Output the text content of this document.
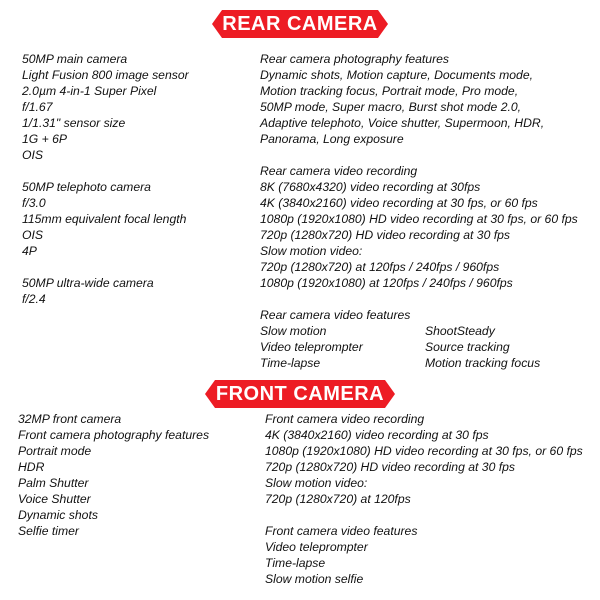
REAR CAMERA
50MP main camera
Light Fusion 800 image sensor
2.0µm 4-in-1 Super Pixel
f/1.67
1/1.31" sensor size
1G + 6P
OIS
50MP telephoto camera
f/3.0
115mm equivalent focal length
OIS
4P
50MP ultra-wide camera
f/2.4
Rear camera photography features
Dynamic shots, Motion capture, Documents mode,
Motion tracking focus, Portrait mode, Pro mode,
50MP mode, Super macro, Burst shot mode 2.0,
Adaptive telephoto, Voice shutter, Supermoon, HDR,
Panorama, Long exposure
Rear camera video recording
8K (7680x4320) video recording at 30fps
4K (3840x2160) video recording at 30 fps, or 60 fps
1080p (1920x1080) HD video recording at 30 fps, or 60 fps
720p (1280x720) HD video recording at 30 fps
Slow motion video:
720p (1280x720) at 120fps / 240fps / 960fps
1080p (1920x1080) at 120fps / 240fps / 960fps
Rear camera video features
Slow motion
Video teleprompter
Time-lapse
ShootSteady
Source tracking
Motion tracking focus
FRONT CAMERA
32MP front camera
Front camera photography features
Portrait mode
HDR
Palm Shutter
Voice Shutter
Dynamic shots
Selfie timer
Front camera video recording
4K (3840x2160) video recording at 30 fps
1080p (1920x1080) HD video recording at 30 fps, or 60 fps
720p (1280x720) HD video recording at 30 fps
Slow motion video:
720p (1280x720) at 120fps
Front camera video features
Video teleprompter
Time-lapse
Slow motion selfie
